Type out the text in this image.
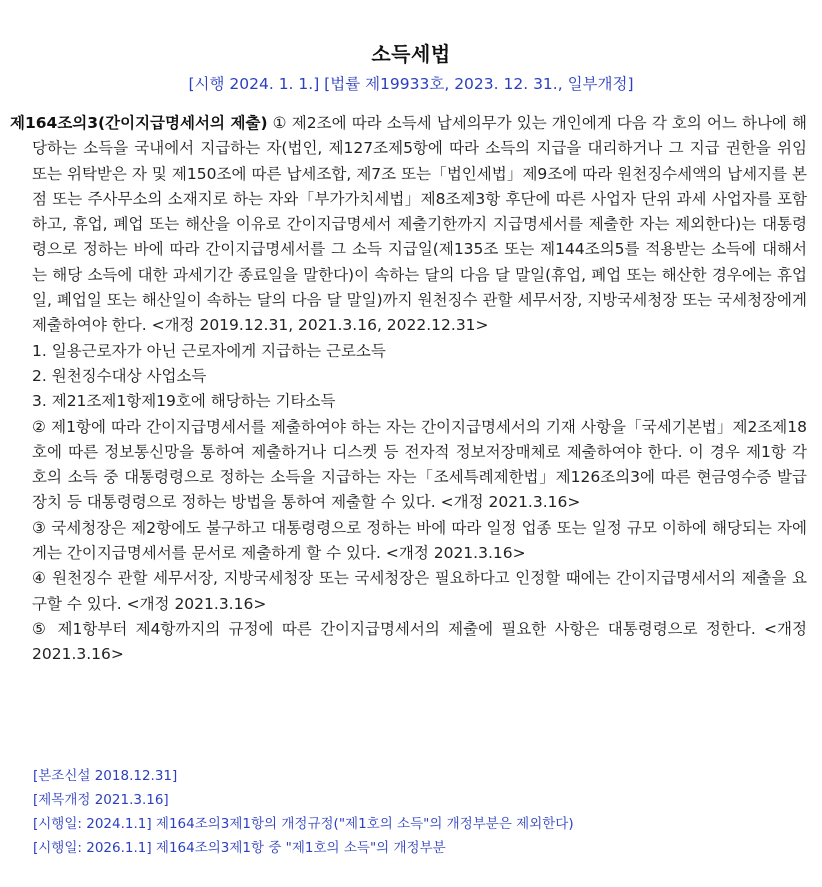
소득세법
[시행 2024. 1. 1.] [법률 제19933호, 2023. 12. 31., 일부개정]

제164조의3(간이지급명세서의 제출) ① 제2조에 따라 소득세 납세의무가 있는 개인에게 다음 각 호의 어느 하나에 해당하는 소득을 국내에서 지급하는 자(법인, 제127조제5항에 따라 소득의 지급을 대리하거나 그 지급 권한을 위임 또는 위탁받은 자 및 제150조에 따른 납세조합, 제7조 또는「법인세법」제9조에 따라 원천징수세액의 납세지를 본점 또는 주사무소의 소재지로 하는 자와「부가가치세법」제8조제3항 후단에 따른 사업자 단위 과세 사업자를 포함하고, 휴업, 폐업 또는 해산을 이유로 간이지급명세서 제출기한까지 지급명세서를 제출한 자는 제외한다)는 대통령령으로 정하는 바에 따라 간이지급명세서를 그 소득 지급일(제135조 또는 제144조의5를 적용받는 소득에 대해서는 해당 소득에 대한 과세기간 종료일을 말한다)이 속하는 달의 다음 달 말일(휴업, 폐업 또는 해산한 경우에는 휴업일, 폐업일 또는 해산일이 속하는 달의 다음 달 말일)까지 원천징수 관할 세무서장, 지방국세청장 또는 국세청장에게 제출하여야 한다. <개정 2019.12.31, 2021.3.16, 2022.12.31>

1. 일용근로자가 아닌 근로자에게 지급하는 근로소득

2. 원천징수대상 사업소득

3. 제21조제1항제19호에 해당하는 기타소득

② 제1항에 따라 간이지급명세서를 제출하여야 하는 자는 간이지급명세서의 기재 사항을「국세기본법」제2조제18호에 따른 정보통신망을 통하여 제출하거나 디스켓 등 전자적 정보저장매체로 제출하여야 한다. 이 경우 제1항 각 호의 소득 중 대통령령으로 정하는 소득을 지급하는 자는「조세특례제한법」제126조의3에 따른 현금영수증 발급장치 등 대통령령으로 정하는 방법을 통하여 제출할 수 있다. <개정 2021.3.16>

③ 국세청장은 제2항에도 불구하고 대통령령으로 정하는 바에 따라 일정 업종 또는 일정 규모 이하에 해당되는 자에게는 간이지급명세서를 문서로 제출하게 할 수 있다. <개정 2021.3.16>

④ 원천징수 관할 세무서장, 지방국세청장 또는 국세청장은 필요하다고 인정할 때에는 간이지급명세서의 제출을 요구할 수 있다. <개정 2021.3.16>

⑤ 제1항부터 제4항까지의 규정에 따른 간이지급명세서의 제출에 필요한 사항은 대통령령으로 정한다. <개정 2021.3.16>

[본조신설 2018.12.31]
[제목개정 2021.3.16]
[시행일: 2024.1.1] 제164조의3제1항의 개정규정("제1호의 소득"의 개정부분은 제외한다)
[시행일: 2026.1.1] 제164조의3제1항 중 "제1호의 소득"의 개정부분
